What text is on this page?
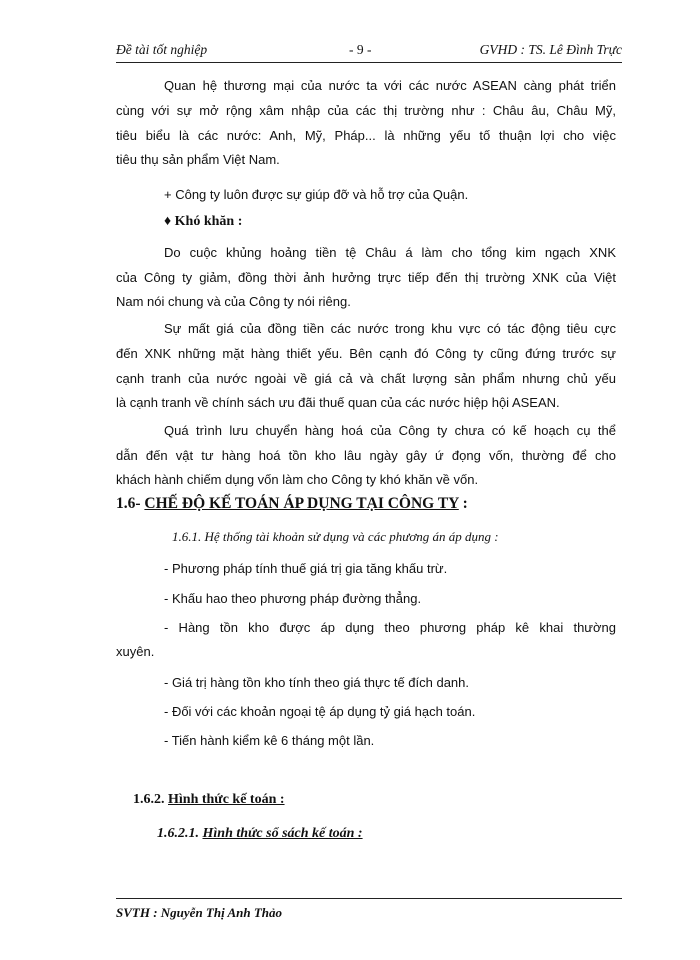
Đề tài tốt nghiệp	- 9 -	GVHD : TS. Lê Đình Trực
Quan hệ thương mại của nước ta với các nước ASEAN càng phát triển
cùng với sự mở rộng xâm nhập của các thị trường như : Châu âu, Châu Mỹ,
tiêu biểu là các nước: Anh, Mỹ, Pháp... là những yếu tố thuận lợi cho việc
tiêu thụ sản phẩm Việt Nam.
+ Công ty luôn được sự giúp đỡ và hỗ trợ của Quận.
♦ Khó khăn :
Do cuộc khủng hoảng tiền tệ Châu á làm cho tổng kim ngạch XNK
của Công ty giảm, đồng thời ảnh hưởng trực tiếp đến thị trường XNK của Việt
Nam nói chung và của Công ty nói riêng.
Sự mất giá của đồng tiền các nước trong khu vực có tác động tiêu cực
đến XNK những mặt hàng thiết yếu. Bên cạnh đó Công ty cũng đứng trước sự
cạnh tranh của nước ngoài về giá cả và chất lượng sản phẩm nhưng chủ yếu
là cạnh tranh về chính sách ưu đãi thuế quan của các nước hiệp hội ASEAN.
Quá trình lưu chuyển hàng hoá của Công ty chưa có kế hoạch cụ thể
dẫn đến vật tư hàng hoá tồn kho lâu ngày gây ứ đọng vốn, thường để cho
khách hành chiếm dụng vốn làm cho Công ty khó khăn về vốn.
1.6- CHẾ ĐỘ KẾ TOÁN ÁP DỤNG TẠI CÔNG TY :
1.6.1. Hệ thống tài khoản sử dụng và các phương án áp dụng :
- Phương pháp tính thuế giá trị gia tăng khấu trừ.
- Khấu hao theo phương pháp đường thẳng.
- Hàng tồn kho được áp dụng theo phương pháp kê khai thường
xuyên.
- Giá trị hàng tồn kho tính theo giá thực tế đích danh.
- Đối với các khoản ngoại tệ áp dụng tỷ giá hạch toán.
- Tiến hành kiểm kê 6 tháng một lần.
1.6.2. Hình thức kế toán :
1.6.2.1. Hình thức sổ sách kế toán :
SVTH : Nguyễn Thị Anh Thảo
